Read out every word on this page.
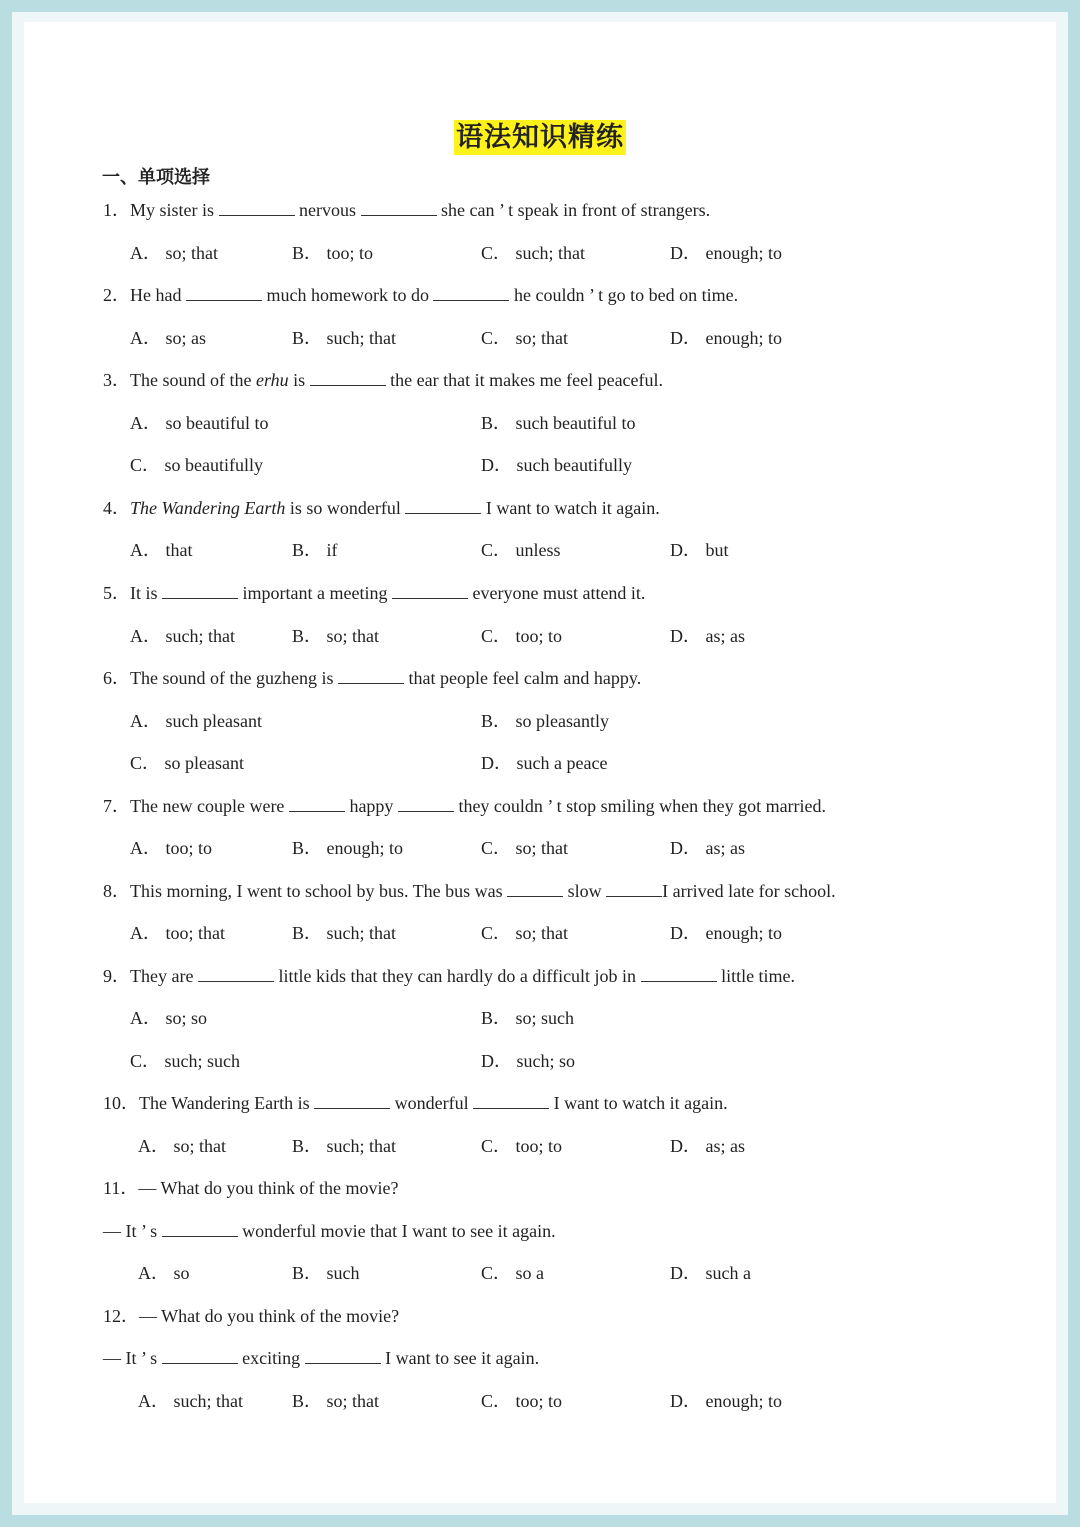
语法知识精练
一、单项选择
1．My sister is	nervous	she can ’ t speak in front of strangers.
A． so; that	B． too; to	C． such; that	D． enough; to
2．He had	much homework to do	he couldn ’ t go to bed on time.
A． so; as	B． such; that	C． so; that	D． enough; to
3．The sound of the erhu is	the ear that it makes me feel peaceful.
A． so beautiful to	B． such beautiful to
C． so beautifully	D． such beautifully
4．The Wandering Earth is so wonderful	I want to watch it again.
A． that	B． if	C． unless	D． but
5．It is	important a meeting	everyone must attend it.
A． such; that	B． so; that	C． too; to	D． as; as
6．The sound of the guzheng is	that people feel calm and happy.
A． such pleasant	B． so pleasantly
C． so pleasant	D． such a peace
7．The new couple were	happy	they couldn ’ t stop smiling when they got married.
A． too; to	B． enough; to	C． so; that	D． as; as
8．This morning, I went to school by bus. The bus was	slow	I arrived late for school.
A． too; that	B． such; that	C． so; that	D． enough; to
9．They are	little kids that they can hardly do a difficult job in	little time.
A． so; so	B． so; such
C． such; such	D． such; so
10．The Wandering Earth is	wonderful	I want to watch it again.
A． so; that	B． such; that	C． too; to	D． as; as
11．— What do you think of the movie?
— It ’ s	wonderful movie that I want to see it again.
A． so	B． such	C． so a	D． such a
12．— What do you think of the movie?
— It ’ s	exciting	I want to see it again.
A． such; that	B． so; that	C． too; to	D． enough; to
